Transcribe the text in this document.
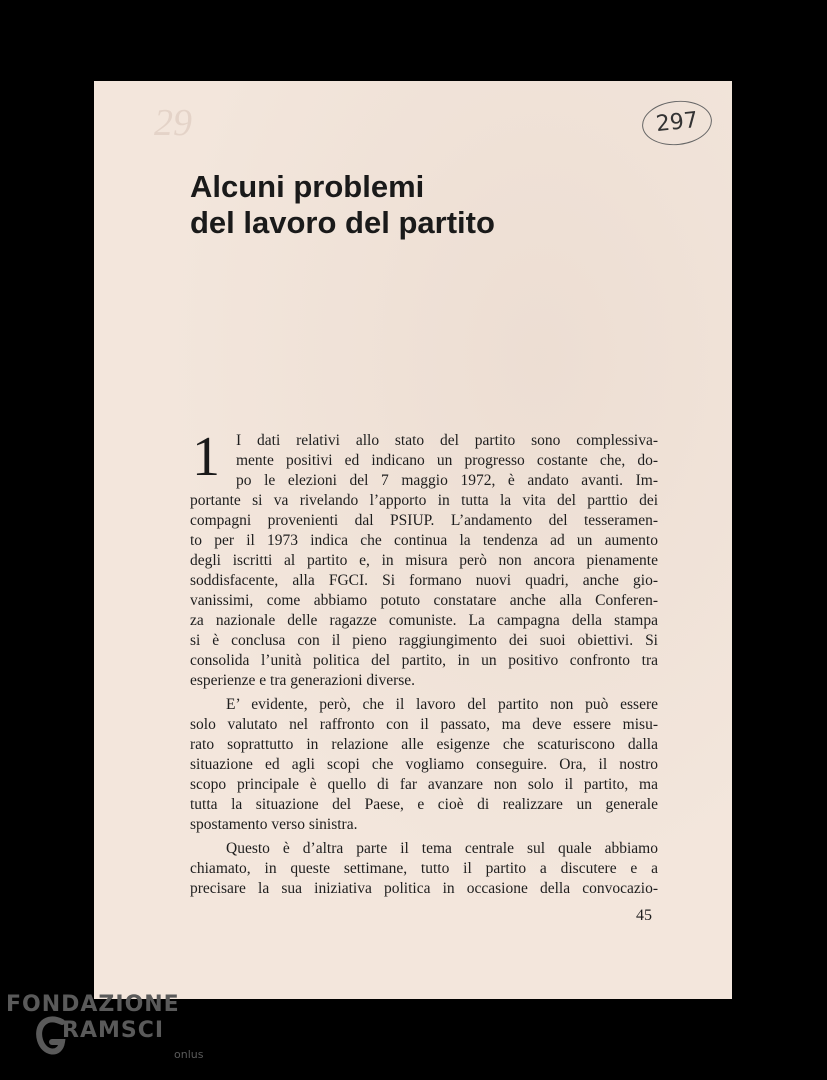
29	297
Alcuni problemi
del lavoro del partito
1	I dati relativi allo stato del partito sono complessiva-
mente positivi ed indicano un progresso costante che, do-
po le elezioni del 7 maggio 1972, è andato avanti. Im-
portante si va rivelando l’apporto in tutta la vita del parttio dei
compagni provenienti dal PSIUP. L’andamento del tesseramen-
to per il 1973 indica che continua la tendenza ad un aumento
degli iscritti al partito e, in misura però non ancora pienamente
soddisfacente, alla FGCI. Si formano nuovi quadri, anche gio-
vanissimi, come abbiamo potuto constatare anche alla Conferen-
za nazionale delle ragazze comuniste. La campagna della stampa
si è conclusa con il pieno raggiungimento dei suoi obiettivi. Si
consolida l’unità politica del partito, in un positivo confronto tra
esperienze e tra generazioni diverse.
E’ evidente, però, che il lavoro del partito non può essere
solo valutato nel raffronto con il passato, ma deve essere misu-
rato soprattutto in relazione alle esigenze che scaturiscono dalla
situazione ed agli scopi che vogliamo conseguire. Ora, il nostro
scopo principale è quello di far avanzare non solo il partito, ma
tutta la situazione del Paese, e cioè di realizzare un generale
spostamento verso sinistra.
Questo è d’altra parte il tema centrale sul quale abbiamo
chiamato, in queste settimane, tutto il partito a discutere e a
precisare la sua iniziativa politica in occasione della convocazio-
45
FONDAZIONE
RAMSCI
onlus
